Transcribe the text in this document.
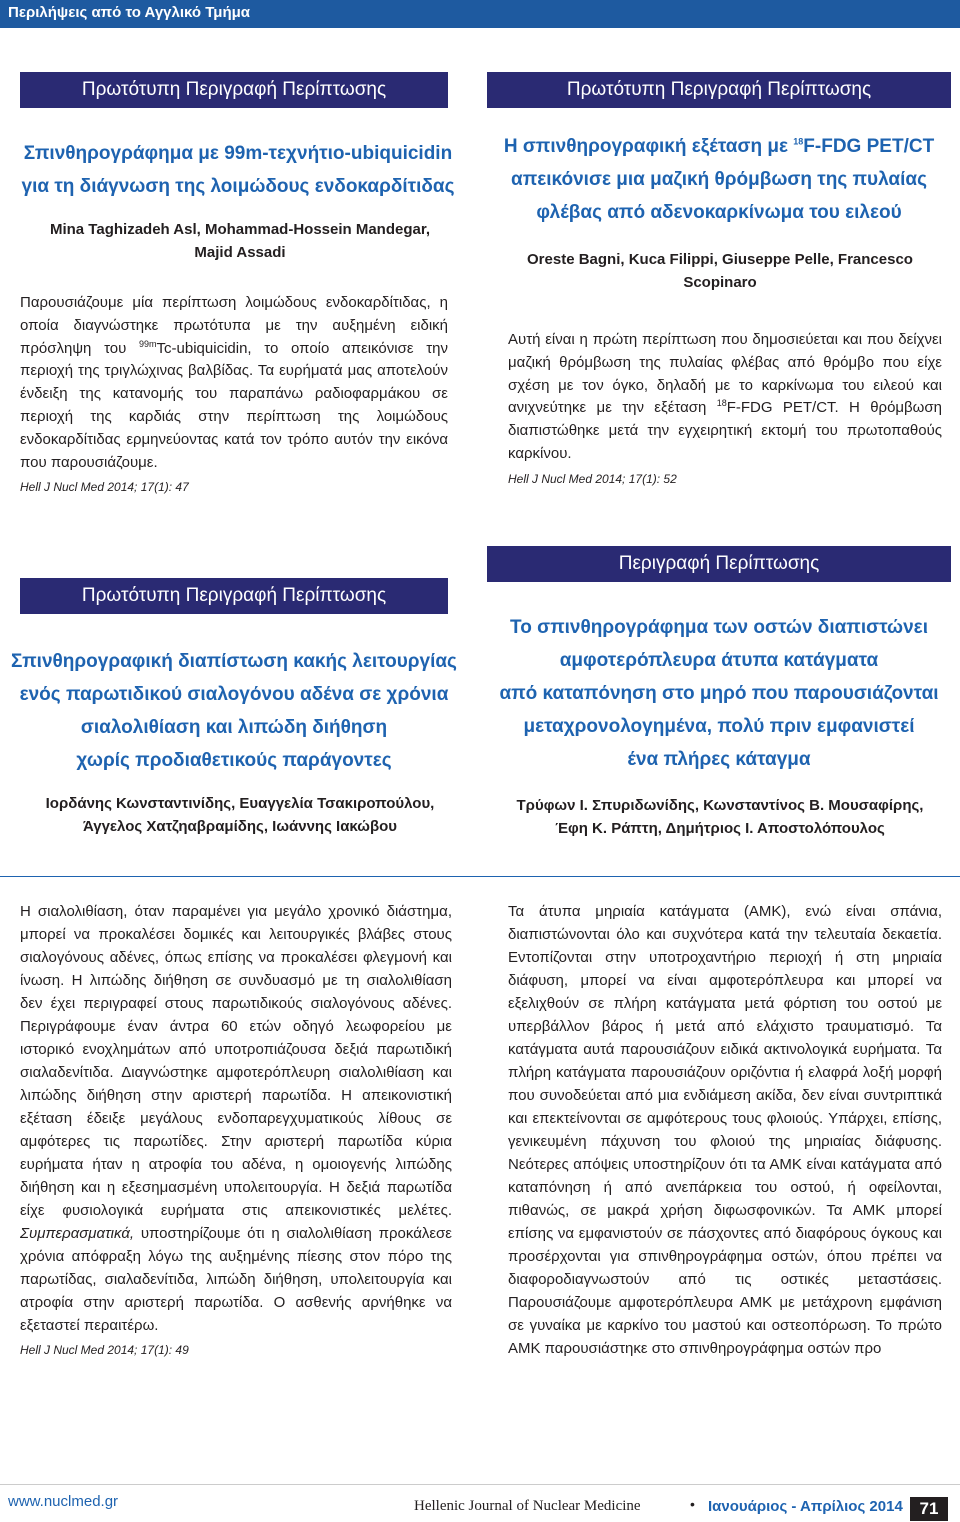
Περιλήψεις από το Αγγλικό Τμήμα
Πρωτότυπη Περιγραφή Περίπτωσης
Σπινθηρογράφημα με 99m-τεχνήτιο-ubiquicidin
για τη διάγνωση της λοιμώδους ενδοκαρδίτιδας
Mina Taghizadeh Asl, Mohammad-Hossein Mandegar, Majid Assadi

Παρουσιάζουμε μία περίπτωση λοιμώδους ενδοκαρδίτιδας, η οποία διαγνώστηκε πρωτότυπα με την αυξημένη ειδική πρόσληψη του $^{99m}$Tc-ubiquicidin, το οποίο απεικόνισε την περιοχή της τριγλώχινας βαλβίδας. Τα ευρήματά μας αποτελούν ένδειξη της κατανομής του παραπάνω ραδιοφαρμάκου σε περιοχή της καρδιάς στην περίπτωση της λοιμώδους ενδοκαρδίτιδας ερμηνεύοντας κατά τον τρόπο αυτόν την εικόνα που παρουσιάζουμε.
Hell J Nucl Med 2014; 17(1): 47

Πρωτότυπη Περιγραφή Περίπτωσης
Η σπινθηρογραφική εξέταση με $^{18}$F-FDG PET/CT
απεικόνισε μια μαζική θρόμβωση της πυλαίας
φλέβας από αδενοκαρκίνωμα του ειλεού
Oreste Bagni, Kuca Filippi, Giuseppe Pelle, Francesco Scopinaro

Αυτή είναι η πρώτη περίπτωση που δημοσιεύεται και που δείχνει μαζική θρόμβωση της πυλαίας φλέβας από θρόμβο που είχε σχέση με τον όγκο, δηλαδή με το καρκίνωμα του ειλεού και ανιχνεύτηκε με την εξέταση $^{18}$F-FDG PET/CT. Η θρόμβωση διαπιστώθηκε μετά την εγχειρητική εκτομή του πρωτοπαθούς καρκίνου.
Hell J Nucl Med 2014; 17(1): 52

Πρωτότυπη Περιγραφή Περίπτωσης
Σπινθηρογραφική διαπίστωση κακής λειτουργίας
ενός παρωτιδικού σιαλογόνου αδένα σε χρόνια
σιαλολιθίαση και λιπώδη διήθηση
χωρίς προδιαθετικούς παράγοντες
Ιορδάνης Κωνσταντινίδης, Ευαγγελία Τσακιροπούλου, Άγγελος Χατζηαβραμίδης, Ιωάννης Ιακώβου
Περιγραφή Περίπτωσης
Το σπινθηρογράφημα των οστών διαπιστώνει
αμφοτερόπλευρα άτυπα κατάγματα
από καταπόνηση στο μηρό που παρουσιάζονται
μεταχρονολογημένα, πολύ πριν εμφανιστεί
ένα πλήρες κάταγμα
Τρύφων Ι. Σπυριδωνίδης, Κωνσταντίνος Β. Μουσαφίρης, Έφη Κ. Ράπτη, Δημήτριος Ι. Αποστολόπουλος

Η σιαλολιθίαση, όταν παραμένει για μεγάλο χρονικό διάστημα, μπορεί να προκαλέσει δομικές και λειτουργικές βλάβες στους σιαλογόνους αδένες, όπως επίσης να προκαλέσει φλεγμονή και ίνωση. Η λιπώδης διήθηση σε συνδυασμό με τη σιαλολιθίαση δεν έχει περιγραφεί στους παρωτιδικούς σιαλογόνους αδένες. Περιγράφουμε έναν άντρα 60 ετών οδηγό λεωφορείου με ιστορικό ενοχλημάτων από υποτροπιάζουσα δεξιά παρωτιδική σιαλαδενίτιδα. Διαγνώστηκε αμφοτερόπλευρη σιαλολιθίαση και λιπώδης διήθηση στην αριστερή παρωτίδα. Η απεικονιστική εξέταση έδειξε μεγάλους ενδοπαρεγχυματικούς λίθους σε αμφότερες τις παρωτίδες. Στην αριστερή παρωτίδα κύρια ευρήματα ήταν η ατροφία του αδένα, η ομοιογενής λιπώδης διήθηση και η εξεσημασμένη υπολειτουργία. Η δεξιά παρωτίδα είχε φυσιολογικά ευρήματα στις απεικονιστικές μελέτες. Συμπερασματικά, υποστηρίζουμε ότι η σιαλολιθίαση προκάλεσε χρόνια απόφραξη λόγω της αυξημένης πίεσης στον πόρο της παρωτίδας, σιαλαδενίτιδα, λιπώδη διήθηση, υπολειτουργία και ατροφία στην αριστερή παρωτίδα. Ο ασθενής αρνήθηκε να εξεταστεί περαιτέρω.
Hell J Nucl Med 2014; 17(1): 49

Τα άτυπα μηριαία κατάγματα (ΑΜΚ), ενώ είναι σπάνια, διαπιστώνονται όλο και συχνότερα κατά την τελευταία δεκαετία. Εντοπίζονται στην υποτροχαντήριο περιοχή ή στη μηριαία διάφυση, μπορεί να είναι αμφοτερόπλευρα και μπορεί να εξελιχθούν σε πλήρη κατάγματα μετά φόρτιση του οστού με υπερβάλλον βάρος ή μετά από ελάχιστο τραυματισμό. Τα κατάγματα αυτά παρουσιάζουν ειδικά ακτινολογικά ευρήματα. Τα πλήρη κατάγματα παρουσιάζουν οριζόντια ή ελαφρά λοξή μορφή που συνοδεύεται από μια ενδιάμεση ακίδα, δεν είναι συντριπτικά και επεκτείνονται σε αμφότερους τους φλοιούς. Υπάρχει, επίσης, γενικευμένη πάχυνση του φλοιού της μηριαίας διάφυσης. Νεότερες απόψεις υποστηρίζουν ότι τα ΑΜΚ είναι κατάγματα από καταπόνηση ή από ανεπάρκεια του οστού, ή οφείλονται, πιθανώς, σε μακρά χρήση διφωσφονικών. Τα ΑΜΚ μπορεί επίσης να εμφανιστούν σε πάσχοντες από διαφόρους όγκους και προσέρχονται για σπινθηρογράφημα οστών, όπου πρέπει να διαφοροδιαγνωστούν από τις οστικές μεταστάσεις. Παρουσιάζουμε αμφοτερόπλευρα ΑΜΚ με μετάχρονη εμφάνιση σε γυναίκα με καρκίνο του μαστού και οστεοπόρωση. Το πρώτο ΑΜΚ παρουσιάστηκε στο σπινθηρογράφημα οστών προ

www.nuclmed.gr	Hellenic Journal of Nuclear Medicine	• Ιανουάριος - Απρίλιος 2014 71
